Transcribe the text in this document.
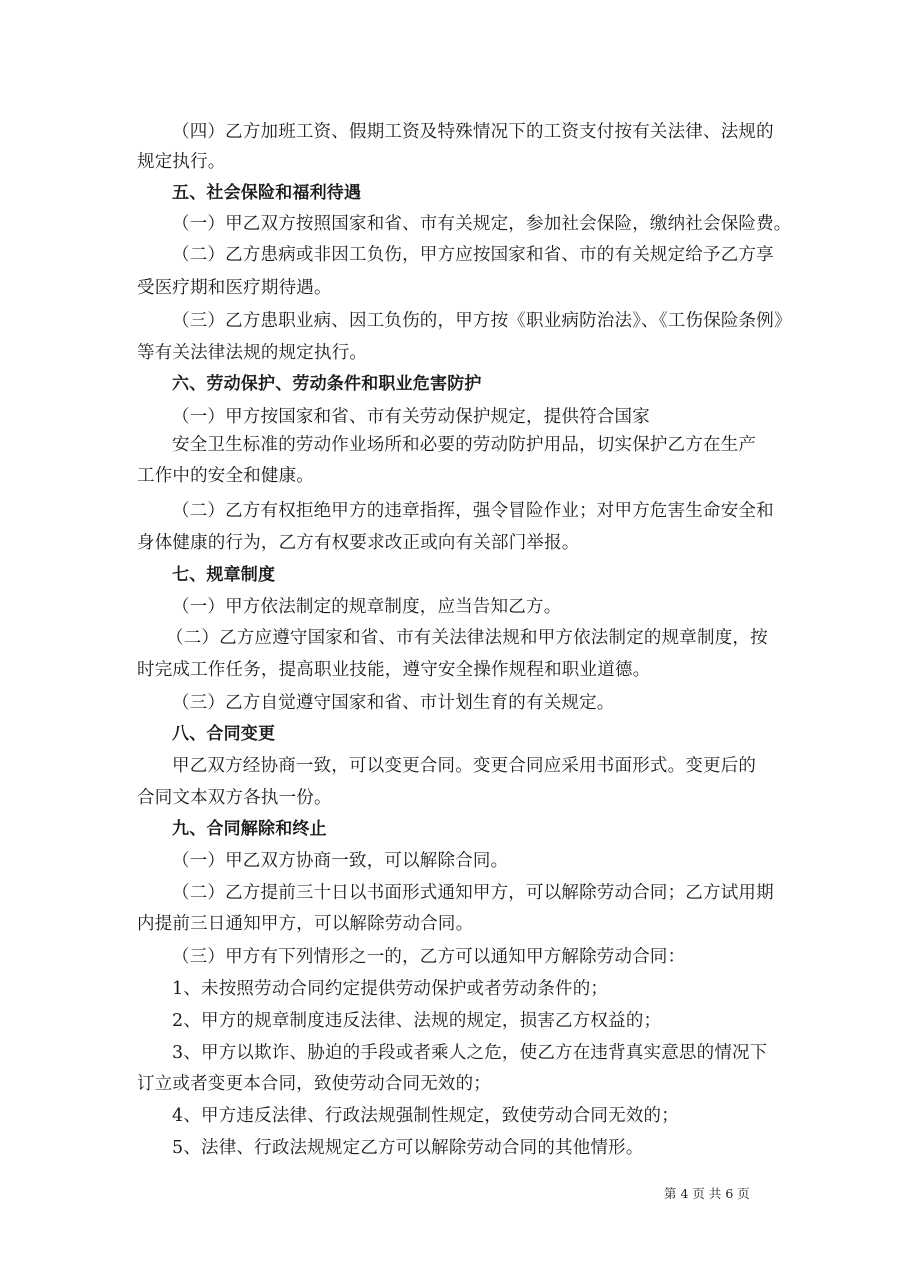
（四）乙方加班工资、假期工资及特殊情况下的工资支付按有关法律、法规的
规定执行。
五、社会保险和福利待遇
（一）甲乙双方按照国家和省、市有关规定，参加社会保险，缴纳社会保险费。
（二）乙方患病或非因工负伤，甲方应按国家和省、市的有关规定给予乙方享
受医疗期和医疗期待遇。
（三）乙方患职业病、因工负伤的，甲方按《职业病防治法》、《工伤保险条例》
等有关法律法规的规定执行。
六、劳动保护、劳动条件和职业危害防护
（一）甲方按国家和省、市有关劳动保护规定，提供符合国家
安全卫生标准的劳动作业场所和必要的劳动防护用品，切实保护乙方在生产
工作中的安全和健康。
（二）乙方有权拒绝甲方的违章指挥，强令冒险作业；对甲方危害生命安全和
身体健康的行为，乙方有权要求改正或向有关部门举报。
七、规章制度
（一）甲方依法制定的规章制度，应当告知乙方。
（二）乙方应遵守国家和省、市有关法律法规和甲方依法制定的规章制度，按
时完成工作任务，提高职业技能，遵守安全操作规程和职业道德。
（三）乙方自觉遵守国家和省、市计划生育的有关规定。
八、合同变更
甲乙双方经协商一致，可以变更合同。变更合同应采用书面形式。变更后的
合同文本双方各执一份。
九、合同解除和终止
（一）甲乙双方协商一致，可以解除合同。
（二）乙方提前三十日以书面形式通知甲方，可以解除劳动合同；乙方试用期
内提前三日通知甲方，可以解除劳动合同。
（三）甲方有下列情形之一的，乙方可以通知甲方解除劳动合同：
1、未按照劳动合同约定提供劳动保护或者劳动条件的；
2、甲方的规章制度违反法律、法规的规定，损害乙方权益的；
3、甲方以欺诈、胁迫的手段或者乘人之危，使乙方在违背真实意思的情况下
订立或者变更本合同，致使劳动合同无效的；
4、甲方违反法律、行政法规强制性规定，致使劳动合同无效的；
5、法律、行政法规规定乙方可以解除劳动合同的其他情形。
第 4 页 共 6 页
